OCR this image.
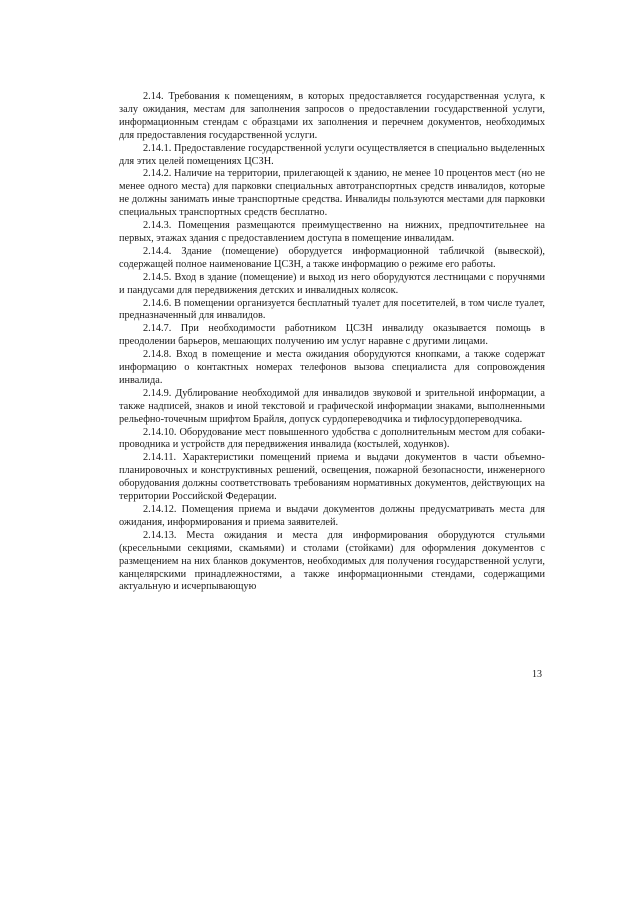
2.14. Требования к помещениям, в которых предоставляется государственная услуга, к залу ожидания, местам для заполнения запросов о предоставлении государственной услуги, информационным стендам с образцами их заполнения и перечнем документов, необходимых для предоставления государственной услуги.

2.14.1. Предоставление государственной услуги осуществляется в специально выделенных для этих целей помещениях ЦСЗН.

2.14.2. Наличие на территории, прилегающей к зданию, не менее 10 процентов мест (но не менее одного места) для парковки специальных автотранспортных средств инвалидов, которые не должны занимать иные транспортные средства. Инвалиды пользуются местами для парковки специальных транспортных средств бесплатно.

2.14.3. Помещения размещаются преимущественно на нижних, предпочтительнее на первых, этажах здания с предоставлением доступа в помещение инвалидам.

2.14.4. Здание (помещение) оборудуется информационной табличкой (вывеской), содержащей полное наименование ЦСЗН, а также информацию о режиме его работы.

2.14.5. Вход в здание (помещение) и выход из него оборудуются лестницами с поручнями и пандусами для передвижения детских и инвалидных колясок.

2.14.6. В помещении организуется бесплатный туалет для посетителей, в том числе туалет, предназначенный для инвалидов.

2.14.7. При необходимости работником ЦСЗН инвалиду оказывается помощь в преодолении барьеров, мешающих получению им услуг наравне с другими лицами.

2.14.8. Вход в помещение и места ожидания оборудуются кнопками, а также содержат информацию о контактных номерах телефонов вызова специалиста для сопровождения инвалида.

2.14.9. Дублирование необходимой для инвалидов звуковой и зрительной информации, а также надписей, знаков и иной текстовой и графической информации знаками, выполненными рельефно-точечным шрифтом Брайля, допуск сурдопереводчика и тифлосурдопереводчика.

2.14.10. Оборудование мест повышенного удобства с дополнительным местом для собаки-проводника и устройств для передвижения инвалида (костылей, ходунков).

2.14.11. Характеристики помещений приема и выдачи документов в части объемно-планировочных и конструктивных решений, освещения, пожарной безопасности, инженерного оборудования должны соответствовать требованиям нормативных документов, действующих на территории Российской Федерации.

2.14.12. Помещения приема и выдачи документов должны предусматривать места для ожидания, информирования и приема заявителей.

2.14.13. Места ожидания и места для информирования оборудуются стульями (кресельными секциями, скамьями) и столами (стойками) для оформления документов с размещением на них бланков документов, необходимых для получения государственной услуги, канцелярскими принадлежностями, а также информационными стендами, содержащими актуальную и исчерпывающую

13
